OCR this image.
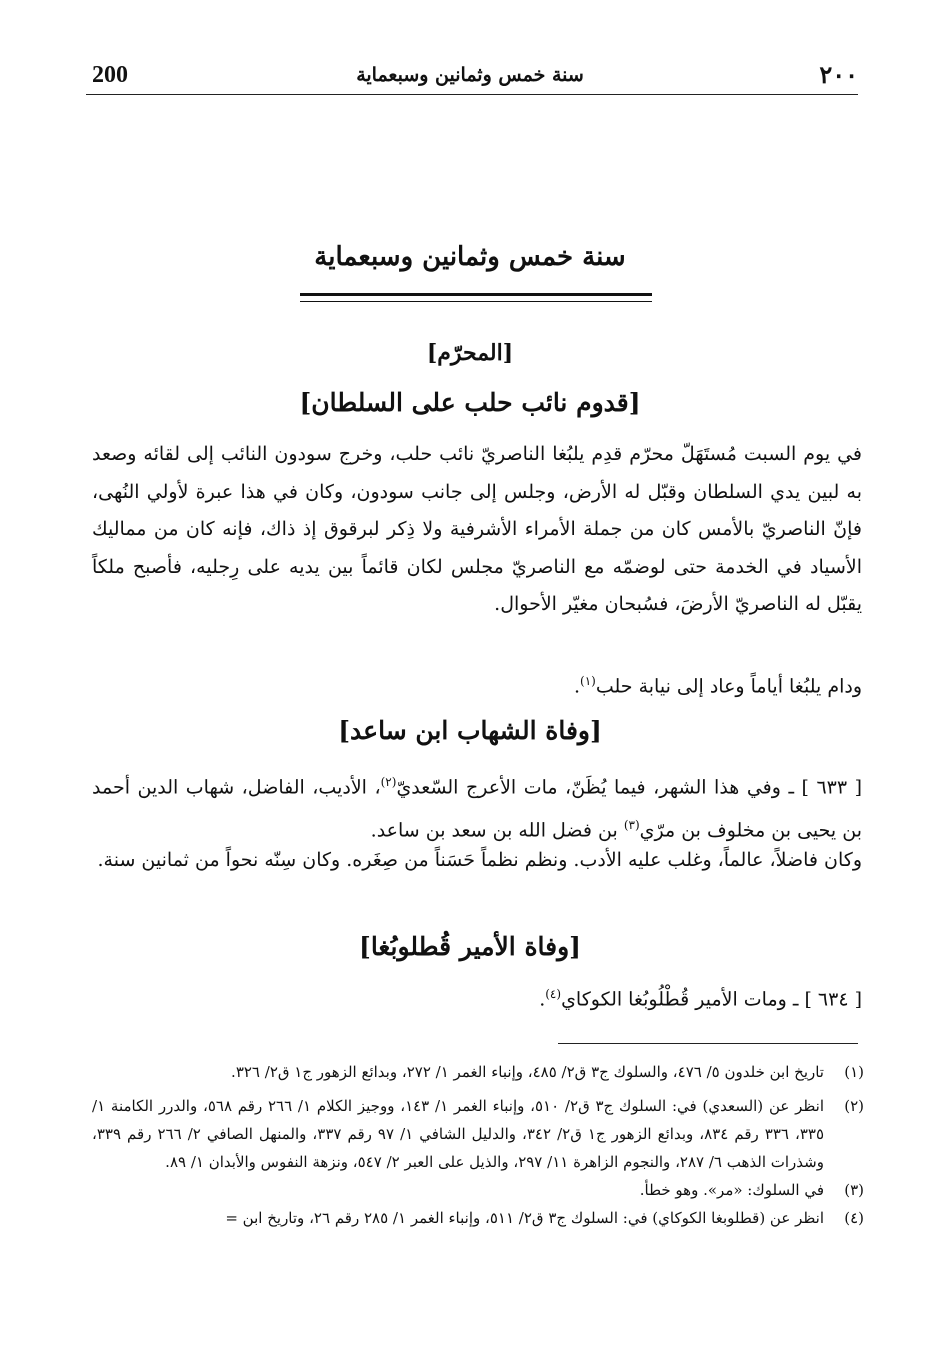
200	سنة خمس وثمانين وسبعماية	٢٠٠
سنة خمس وثمانين وسبعماية
[المحرّم]
[قدوم نائب حلب على السلطان]
في يوم السبت مُستَهَلّ محرّم قدِم يلبُغا الناصريّ نائب حلب، وخرج سودون النائب إلى لقائه وصعد به لبين يدي السلطان وقبّل له الأرض، وجلس إلى جانب سودون، وكان في هذا عبرة لأولي النُهى، فإنّ الناصريّ بالأمس كان من جملة الأمراء الأشرفية ولا ذِكر لبرقوق إذ ذاك، فإنه كان من مماليك الأسياد في الخدمة حتى لوضمّه مع الناصريّ مجلس لكان قائماً بين يديه على رِجليه، فأصبح ملكاً يقبّل له الناصريّ الأرضَ، فسُبحان مغيّر الأحوال.
ودام يلبُغا أياماً وعاد إلى نيابة حلب$^{(١)}$.
[وفاة الشهاب ابن ساعد]
[ ٦٣٣ ] ـ وفي هذا الشهر، فيما يُظَنّ، مات الأعرج السّعديّ$^{(٢)}$، الأديب، الفاضل، شهاب الدين أحمد بن يحيى بن مخلوف بن مرّي$^{(٣)}$ بن فضل الله بن سعد بن ساعد.
وكان فاضلاً، عالماً، وغلب عليه الأدب. ونظم نظماً حَسَناً من صِغَره. وكان سِنّه نحواً من ثمانين سنة.
[وفاة الأمير قُطلوبُغا]
[ ٦٣٤ ] ـ ومات الأمير قُطْلُوبُغا الكوكاي$^{(٤)}$.
(١)
تاريخ ابن خلدون ٥/ ٤٧٦، والسلوك ج٣ ق٢/ ٤٨٥، وإنباء الغمر ١/ ٢٧٢، وبدائع الزهور ج١ ق٢/ ٣٢٦.
(٢)
انظر عن (السعدي) في: السلوك ج٣ ق٢/ ٥١٠، وإنباء الغمر ١/ ١٤٣، ووجيز الكلام ١/ ٢٦٦ رقم ٥٦٨، والدرر الكامنة ١/ ٣٣٥، ٣٣٦ رقم ٨٣٤، وبدائع الزهور ج١ ق٢/ ٣٤٢، والدليل الشافي ١/ ٩٧ رقم ٣٣٧، والمنهل الصافي ٢/ ٢٦٦ رقم ٣٣٩، وشذرات الذهب ٦/ ٢٨٧، والنجوم الزاهرة ١١/ ٢٩٧، والذيل على العبر ٢/ ٥٤٧، ونزهة النفوس والأبدان ١/ ٨٩.
(٣)
في السلوك: «مر». وهو خطأ.
(٤)
انظر عن (قطلوبغا الكوكاي) في: السلوك ج٣ ق٢/ ٥١١، وإنباء الغمر ١/ ٢٨٥ رقم ٢٦، وتاريخ ابن =
